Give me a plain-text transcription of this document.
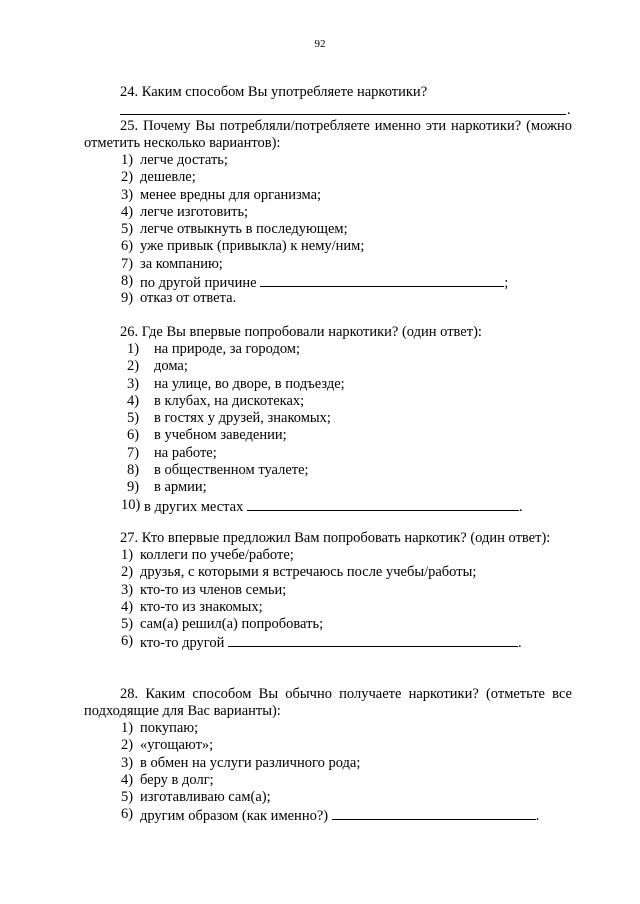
92
24. Каким способом Вы употребляете наркотики?
.
25. Почему Вы потребляли/потребляете именно эти наркотики? (можно отметить несколько вариантов):
1) легче достать;
2) дешевле;
3) менее вредны для организма;
4) легче изготовить;
5) легче отвыкнуть в последующем;
6) уже привык (привыкла) к нему/ним;
7) за компанию;
8) по другой причине	;
9) отказ от ответа.
26. Где Вы впервые попробовали наркотики? (один ответ):
1) на природе, за городом;
2) дома;
3) на улице, во дворе, в подъезде;
4) в клубах, на дискотеках;
5) в гостях у друзей, знакомых;
6) в учебном заведении;
7) на работе;
8) в общественном туалете;
9) в армии;
10) в других местах	.
27. Кто впервые предложил Вам попробовать наркотик? (один ответ):
1) коллеги по учебе/работе;
2) друзья, с которыми я встречаюсь после учебы/работы;
3) кто-то из членов семьи;
4) кто-то из знакомых;
5) сам(а) решил(а) попробовать;
6) кто-то другой	.
28. Каким способом Вы обычно получаете наркотики? (отметьте все подходящие для Вас варианты):
1) покупаю;
2) «угощают»;
3) в обмен на услуги различного рода;
4) беру в долг;
5) изготавливаю сам(а);
6) другим образом (как именно?)	.
